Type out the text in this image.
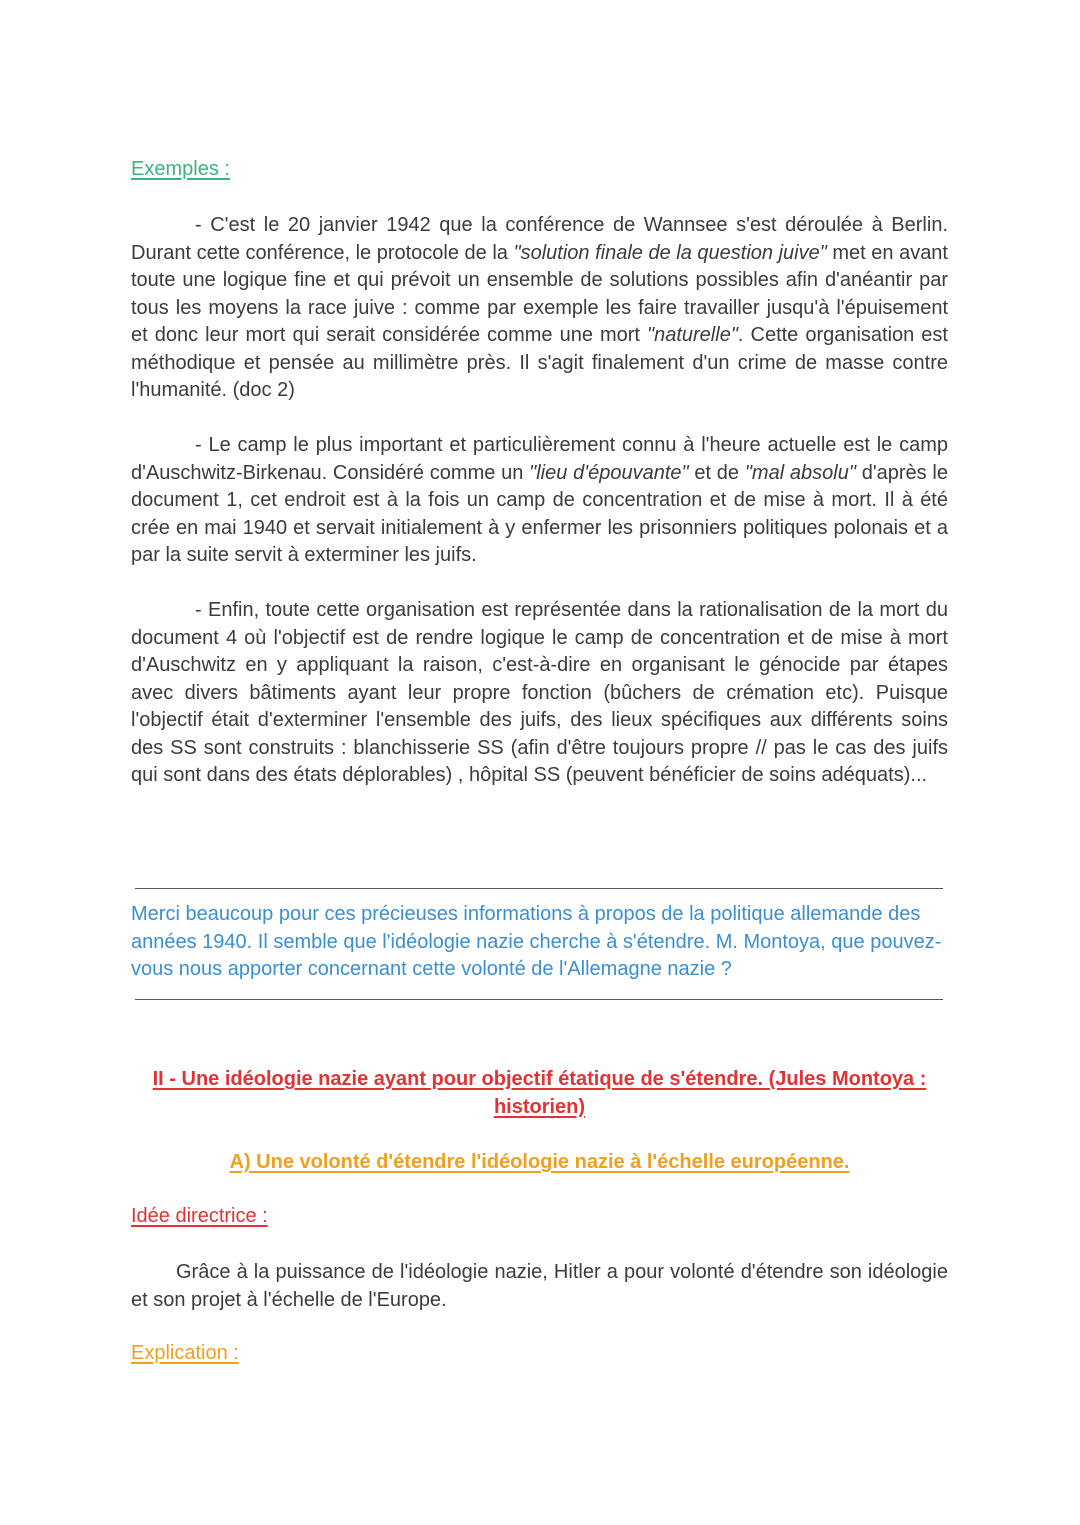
Exemples :

- C'est le 20 janvier 1942 que la conférence de Wannsee s'est déroulée à Berlin. Durant cette conférence, le protocole de la "solution finale de la question juive" met en avant toute une logique fine et qui prévoit un ensemble de solutions possibles afin d'anéantir par tous les moyens la race juive : comme par exemple les faire travailler jusqu'à l'épuisement et donc leur mort qui serait considérée comme une mort "naturelle". Cette organisation est méthodique et pensée au millimètre près. Il s'agit finalement d'un crime de masse contre l'humanité. (doc 2)

- Le camp le plus important et particulièrement connu à l'heure actuelle est le camp d'Auschwitz-Birkenau. Considéré comme un "lieu d'épouvante" et de "mal absolu" d'après le document 1, cet endroit est à la fois un camp de concentration et de mise à mort. Il à été crée en mai 1940 et servait initialement à y enfermer les prisonniers politiques polonais et a par la suite servit à exterminer les juifs.

- Enfin, toute cette organisation est représentée dans la rationalisation de la mort du document 4 où l'objectif est de rendre logique le camp de concentration et de mise à mort d'Auschwitz en y appliquant la raison, c'est-à-dire en organisant le génocide par étapes avec divers bâtiments ayant leur propre fonction (bûchers de crémation etc). Puisque l'objectif était d'exterminer l'ensemble des juifs, des lieux spécifiques aux différents soins des SS sont construits : blanchisserie SS (afin d'être toujours propre // pas le cas des juifs qui sont dans des états déplorables) , hôpital SS (peuvent bénéficier de soins adéquats)...

Merci beaucoup pour ces précieuses informations à propos de la politique allemande des années 1940. Il semble que l'idéologie nazie cherche à s'étendre. M. Montoya, que pouvez-vous nous apporter concernant cette volonté de l'Allemagne nazie ?

II - Une idéologie nazie ayant pour objectif étatique de s'étendre. (Jules Montoya : historien)

A) Une volonté d'étendre l'idéologie nazie à l'échelle européenne.

Idée directrice :

Grâce à la puissance de l'idéologie nazie, Hitler a pour volonté d'étendre son idéologie et son projet à l'échelle de l'Europe.

Explication :
